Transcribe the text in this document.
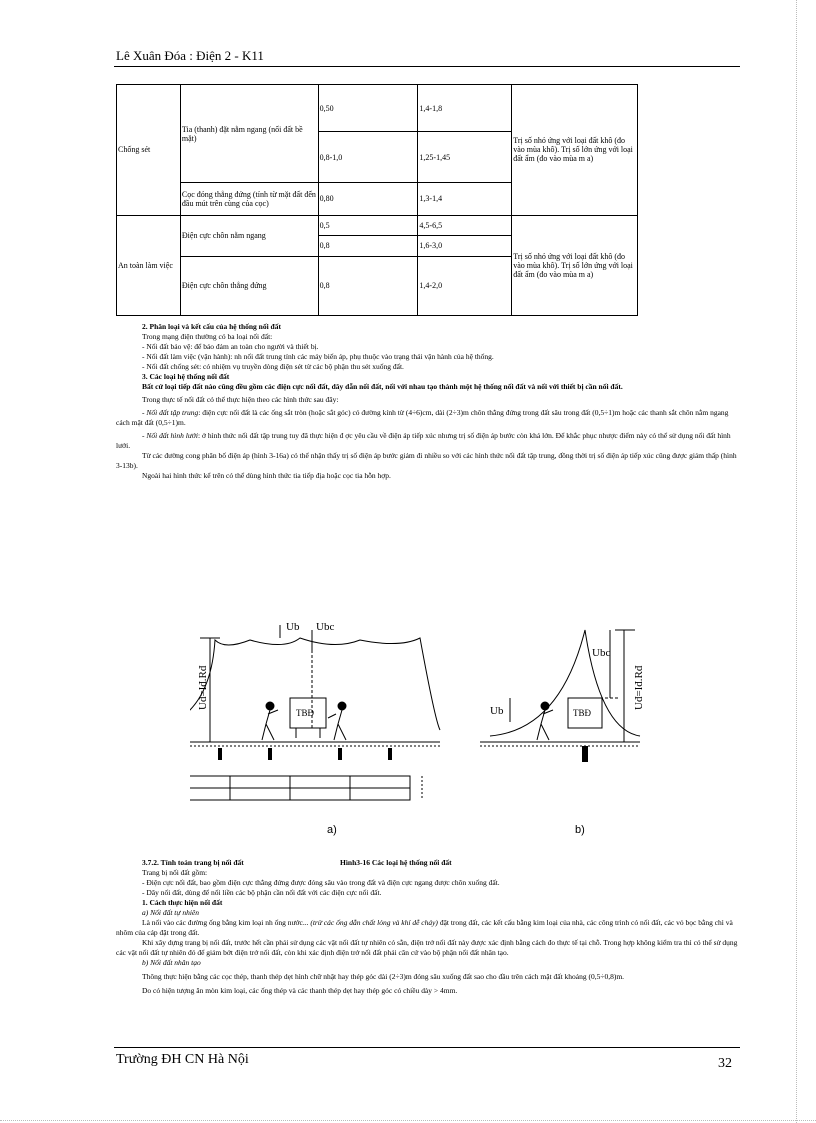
Lê Xuân Đóa : Điện 2 - K11
Chống sét	Tia (thanh) đặt nằm ngang (nối đất bề mặt)	0,50	1,4-1,8	Trị số nhỏ ứng với loại đất khô (đo vào mùa khô). Trị số lớn ứng với loại đất ẩm (đo vào mùa m a)
		0,8-1,0	1,25-1,45	
	Cọc đóng thẳng đứng (tính từ mặt đất đến đầu mút trên cùng của cọc)	0,80	1,3-1,4	
An toàn làm việc	Điện cực chôn nằm ngang	0,5	4,5-6,5	Trị số nhỏ ứng với loại đất khô (đo vào mùa khô). Trị số lớn ứng với loại đất ẩm (đo vào mùa m a)
		0,8	1,6-3,0	
	Điện cực chôn thẳng đứng	0,8	1,4-2,0	

2. Phân loại và kết cấu của hệ thống nối đất

Trong mạng điện thường có ba loại nối đất:

- Nối đất bảo vệ: để bảo đảm an toàn cho người và thiết bị.

- Nối đất làm việc (vận hành): nh nối đất trung tính các máy biến áp, phụ thuộc vào trạng thái vận hành của hệ thống.

- Nối đất chống sét: có nhiệm vụ truyền dòng điện sét từ các bộ phận thu sét xuống đất.

3. Các loại hệ thống nối đất

Bất cứ loại tiếp đất nào cũng đều gồm các điện cực nối đất, dây dẫn nối đất, nối với nhau tạo thành một hệ thống nối đất và nối với thiết bị cần nối đất.

Trong thực tế nối đất có thể thực hiện theo các hình thức sau đây:

- Nối đất tập trung: điện cực nối đất là các ống sắt tròn (hoặc sắt góc) có đường kính từ (4÷6)cm, dài (2÷3)m chôn thẳng đứng trong đất sâu trong đất (0,5÷1)m hoặc các thanh sắt chôn nằm ngang cách mặt đất (0,5÷1)m.

- Nối đất hình lưới: ở hình thức nối đất tập trung tuy đã thực hiện đ ợc yêu cầu về điện áp tiếp xúc nhưng trị số điện áp bước còn khá lớn. Để khắc phục nhược điểm này có thể sử dụng nối đất hình lưới.

Từ các đường cong phân bố điện áp (hình 3-16a) có thể nhận thấy trị số điện áp bước giảm đi nhiều so với các hình thức nối đất tập trung, đồng thời trị số điện áp tiếp xúc cũng được giảm thấp (hình 3-13b).

Ngoài hai hình thức kể trên có thể dùng hình thức tia tiếp địa hoặc cọc tia hỗn hợp.

Ub Ubc
Uđ=Iđ.Rđ
TBĐ	Ub
Ubc
Uđ=Iđ.Rđ
TBĐ
a)	b)
Hình3-16 Các loại hệ thống nối đất

3.7.2. Tính toán trang bị nối đất

Trang bị nối đất gồm:

- Điện cực nối đất, bao gồm điện cực thẳng đứng được đóng sâu vào trong đất và điện cực ngang được chôn xuống đất.

- Dây nối đất, dùng để nối liền các bộ phận cần nối đất với các điện cực nối đất.

1. Cách thực hiện nối đất

a) Nối đất tự nhiên

Là nối vào các đường ống bằng kim loại nh ống nước... (trừ các ống dẫn chất lỏng và khí dễ cháy) đặt trong đất, các kết cấu bằng kim loại của nhà, các công trình có nối đất, các vỏ bọc bằng chì và nhôm của cáp đặt trong đất.

Khi xây dựng trang bị nối đất, trước hết cần phải sử dụng các vật nối đất tự nhiên có sẵn, điện trở nối đất này được xác định bằng cách đo thực tế tại chỗ. Trong hợp không kiểm tra thì có thể sử dụng các vật nối đất tự nhiên đó để giảm bớt điện trở nối đất, còn khi xác định điện trở nối đất phải căn cứ vào bộ phận nối đất nhân tạo.

b) Nối đất nhân tạo

Thông thực hiện bằng các cọc thép, thanh thép dẹt hình chữ nhật hay thép góc dài (2÷3)m đóng sâu xuống đất sao cho đầu trên cách mặt đất khoảng (0,5÷0,8)m.

Do có hiện tượng ăn mòn kim loại, các ống thép và các thanh thép dẹt hay thép góc có chiều dày > 4mm.

Trường ĐH CN Hà Nội	32
